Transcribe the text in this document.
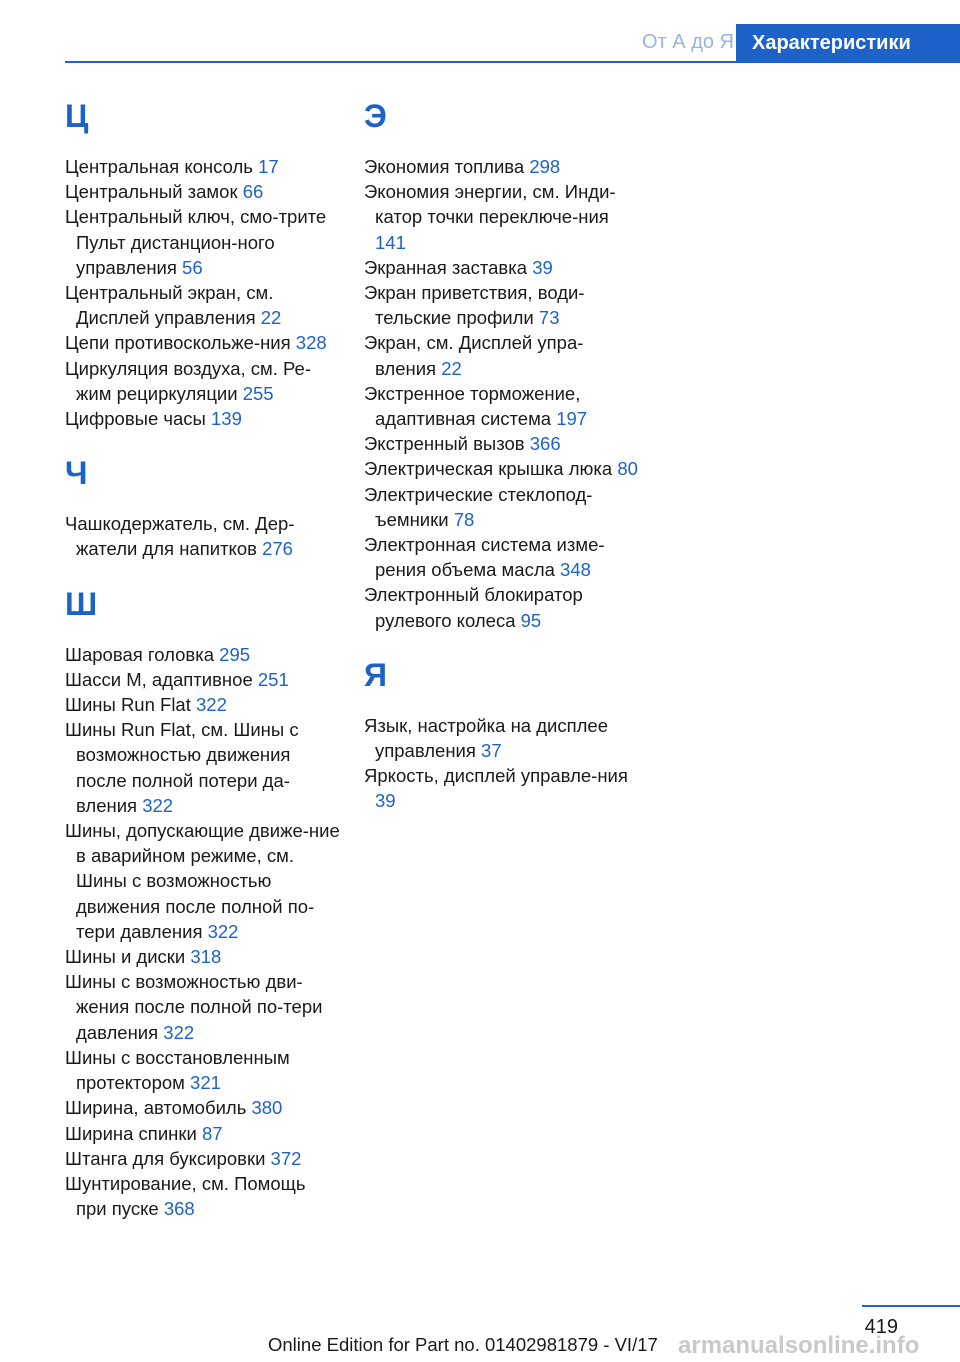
От А до Я Характеристики
Ц
Центральная консоль 17
Центральный замок 66
Центральный ключ, смо-трите Пульт дистанцион-ного управления 56
Центральный экран, см. Дисплей управления 22
Цепи противоскольже-ния 328
Циркуляция воздуха, см. Ре-жим рециркуляции 255
Цифровые часы 139
Ч
Чашкодержатель, см. Дер-жатели для напитков 276
Ш
Шаровая головка 295
Шасси M, адаптивное 251
Шины Run Flat 322
Шины Run Flat, см. Шины с возможностью движения после полной потери да-вления 322
Шины, допускающие движе-ние в аварийном режиме, см. Шины с возможностью движения после полной по-тери давления 322
Шины и диски 318
Шины с возможностью дви-жения после полной по-тери давления 322
Шины с восстановленным протектором 321
Ширина, автомобиль 380
Ширина спинки 87
Штанга для буксировки 372
Шунтирование, см. Помощь при пуске 368
Э
Экономия топлива 298
Экономия энергии, см. Инди-катор точки переключе-ния 141
Экранная заставка 39
Экран приветствия, води-тельские профили 73
Экран, см. Дисплей упра-вления 22
Экстренное торможение, адаптивная система 197
Экстренный вызов 366
Электрическая крышка люка 80
Электрические стеклопод-ъемники 78
Электронная система изме-рения объема масла 348
Электронный блокиратор рулевого колеса 95
Я
Язык, настройка на дисплее управления 37
Яркость, дисплей управле-ния 39
419
Online Edition for Part no. 01402981879 - VI/17 armanualsonline.info
